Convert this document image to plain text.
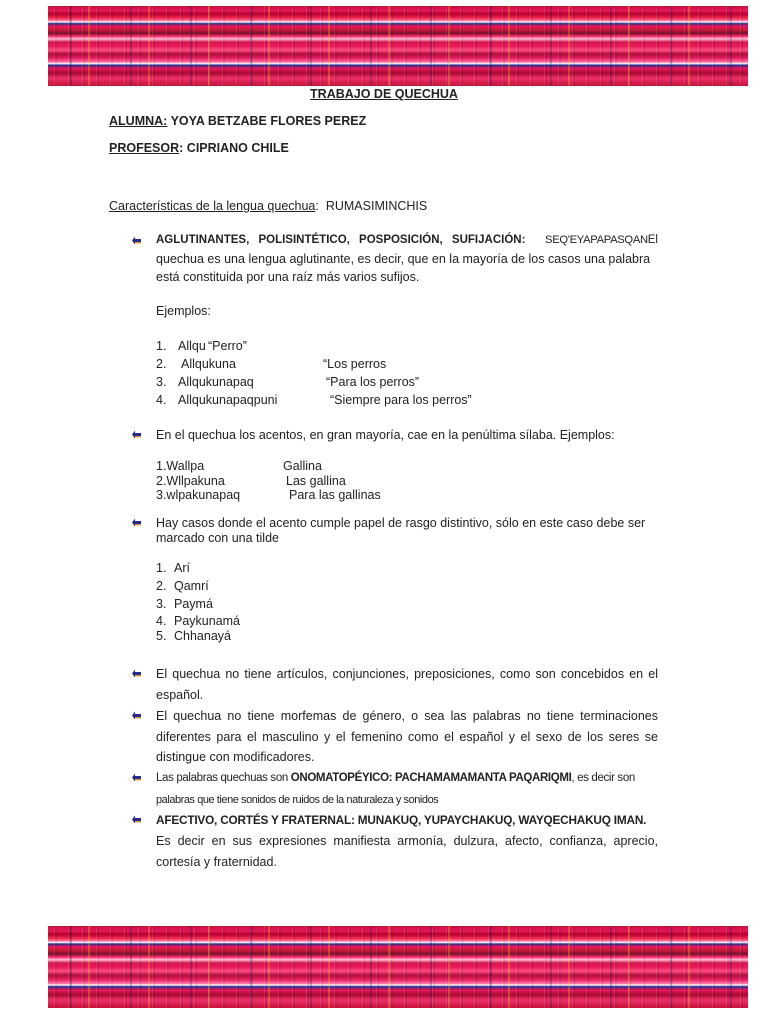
TRABAJO DE QUECHUA
ALUMNA: YOYA BETZABE FLORES PEREZ
PROFESOR: CIPRIANO CHILE
Características de la lengua quechua: RUMASIMINCHIS
AGLUTINANTES, POLISINTÉTICO, POSPOSICIÓN, SUFIJACIÓN: SEQ'EYAPAPASQANEl
quechua es una lengua aglutinante, es decir, que en la mayoría de los casos una palabra
está constituida por una raíz más varios sufijos.
Ejemplos:
1. Allqu “Perro”
2. Allqukuna	“Los perros
3. Allqukunapaq	“Para los perros”
4. Allqukunapaqpuni	“Siempre para los perros”
En el quechua los acentos, en gran mayoría, cae en la penúltima sílaba. Ejemplos:
1.Wallpa	Gallina
2.Wllpakuna	Las gallina
3.wlpakunapaq	Para las gallinas
Hay casos donde el acento cumple papel de rasgo distintivo, sólo en este caso debe ser
marcado con una tilde
1. Arí
2. Qamrí
3. Paymá
4. Paykunamá
5. Chhanayá
El quechua no tiene artículos, conjunciones, preposiciones, como son concebidos en el español.
El quechua no tiene morfemas de género, o sea las palabras no tiene terminaciones diferentes para el masculino y el femenino como el español y el sexo de los seres se distingue con modificadores.
Las palabras quechuas son ONOMATOPÉYICO: PACHAMAMAMANTA PAQARIQMI, es decir son
palabras que tiene sonidos de ruidos de la naturaleza y sonidos
AFECTIVO, CORTÉS Y FRATERNAL: MUNAKUQ, YUPAYCHAKUQ, WAYQECHAKUQ IMAN.
Es decir en sus expresiones manifiesta armonía, dulzura, afecto, confianza, aprecio, cortesía y fraternidad.
